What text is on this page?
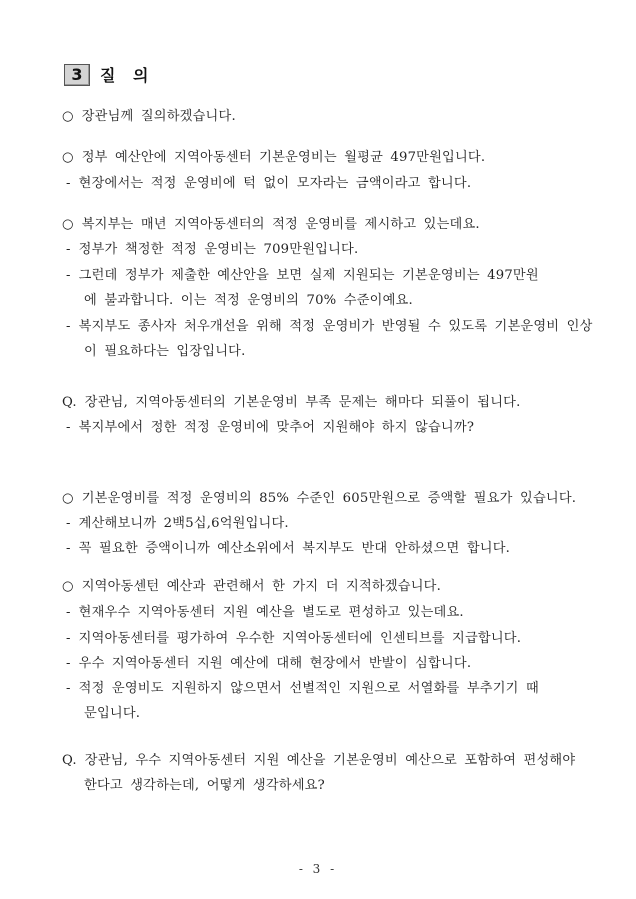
3	질 의
○ 장관님께 질의하겠습니다.
○ 정부 예산안에 지역아동센터 기본운영비는 월평균 497만원입니다.
- 현장에서는 적정 운영비에 턱 없이 모자라는 금액이라고 합니다.
○ 복지부는 매년 지역아동센터의 적정 운영비를 제시하고 있는데요.
- 정부가 책정한 적정 운영비는 709만원입니다.
- 그런데 정부가 제출한 예산안을 보면 실제 지원되는 기본운영비는 497만원
에 불과합니다. 이는 적정 운영비의 70% 수준이예요.
- 복지부도 종사자 처우개선을 위해 적정 운영비가 반영될 수 있도록 기본운영비 인상
이 필요하다는 입장입니다.
Q. 장관님, 지역아동센터의 기본운영비 부족 문제는 해마다 되풀이 됩니다.
- 복지부에서 정한 적정 운영비에 맞추어 지원해야 하지 않습니까?
○ 기본운영비를 적정 운영비의 85% 수준인 605만원으로 증액할 필요가 있습니다.
- 계산해보니까 2백5십,6억원입니다.
- 꼭 필요한 증액이니까 예산소위에서 복지부도 반대 안하셨으면 합니다.
○ 지역아동센턴 예산과 관련해서 한 가지 더 지적하겠습니다.
- 현재우수 지역아동센터 지원 예산을 별도로 편성하고 있는데요.
- 지역아동센터를 평가하여 우수한 지역아동센터에 인센티브를 지급합니다.
- 우수 지역아동센터 지원 예산에 대해 현장에서 반발이 심합니다.
- 적정 운영비도 지원하지 않으면서 선별적인 지원으로 서열화를 부추기기 때
문입니다.
Q. 장관님, 우수 지역아동센터 지원 예산을 기본운영비 예산으로 포함하여 편성해야
한다고 생각하는데, 어떻게 생각하세요?
- 3 -
